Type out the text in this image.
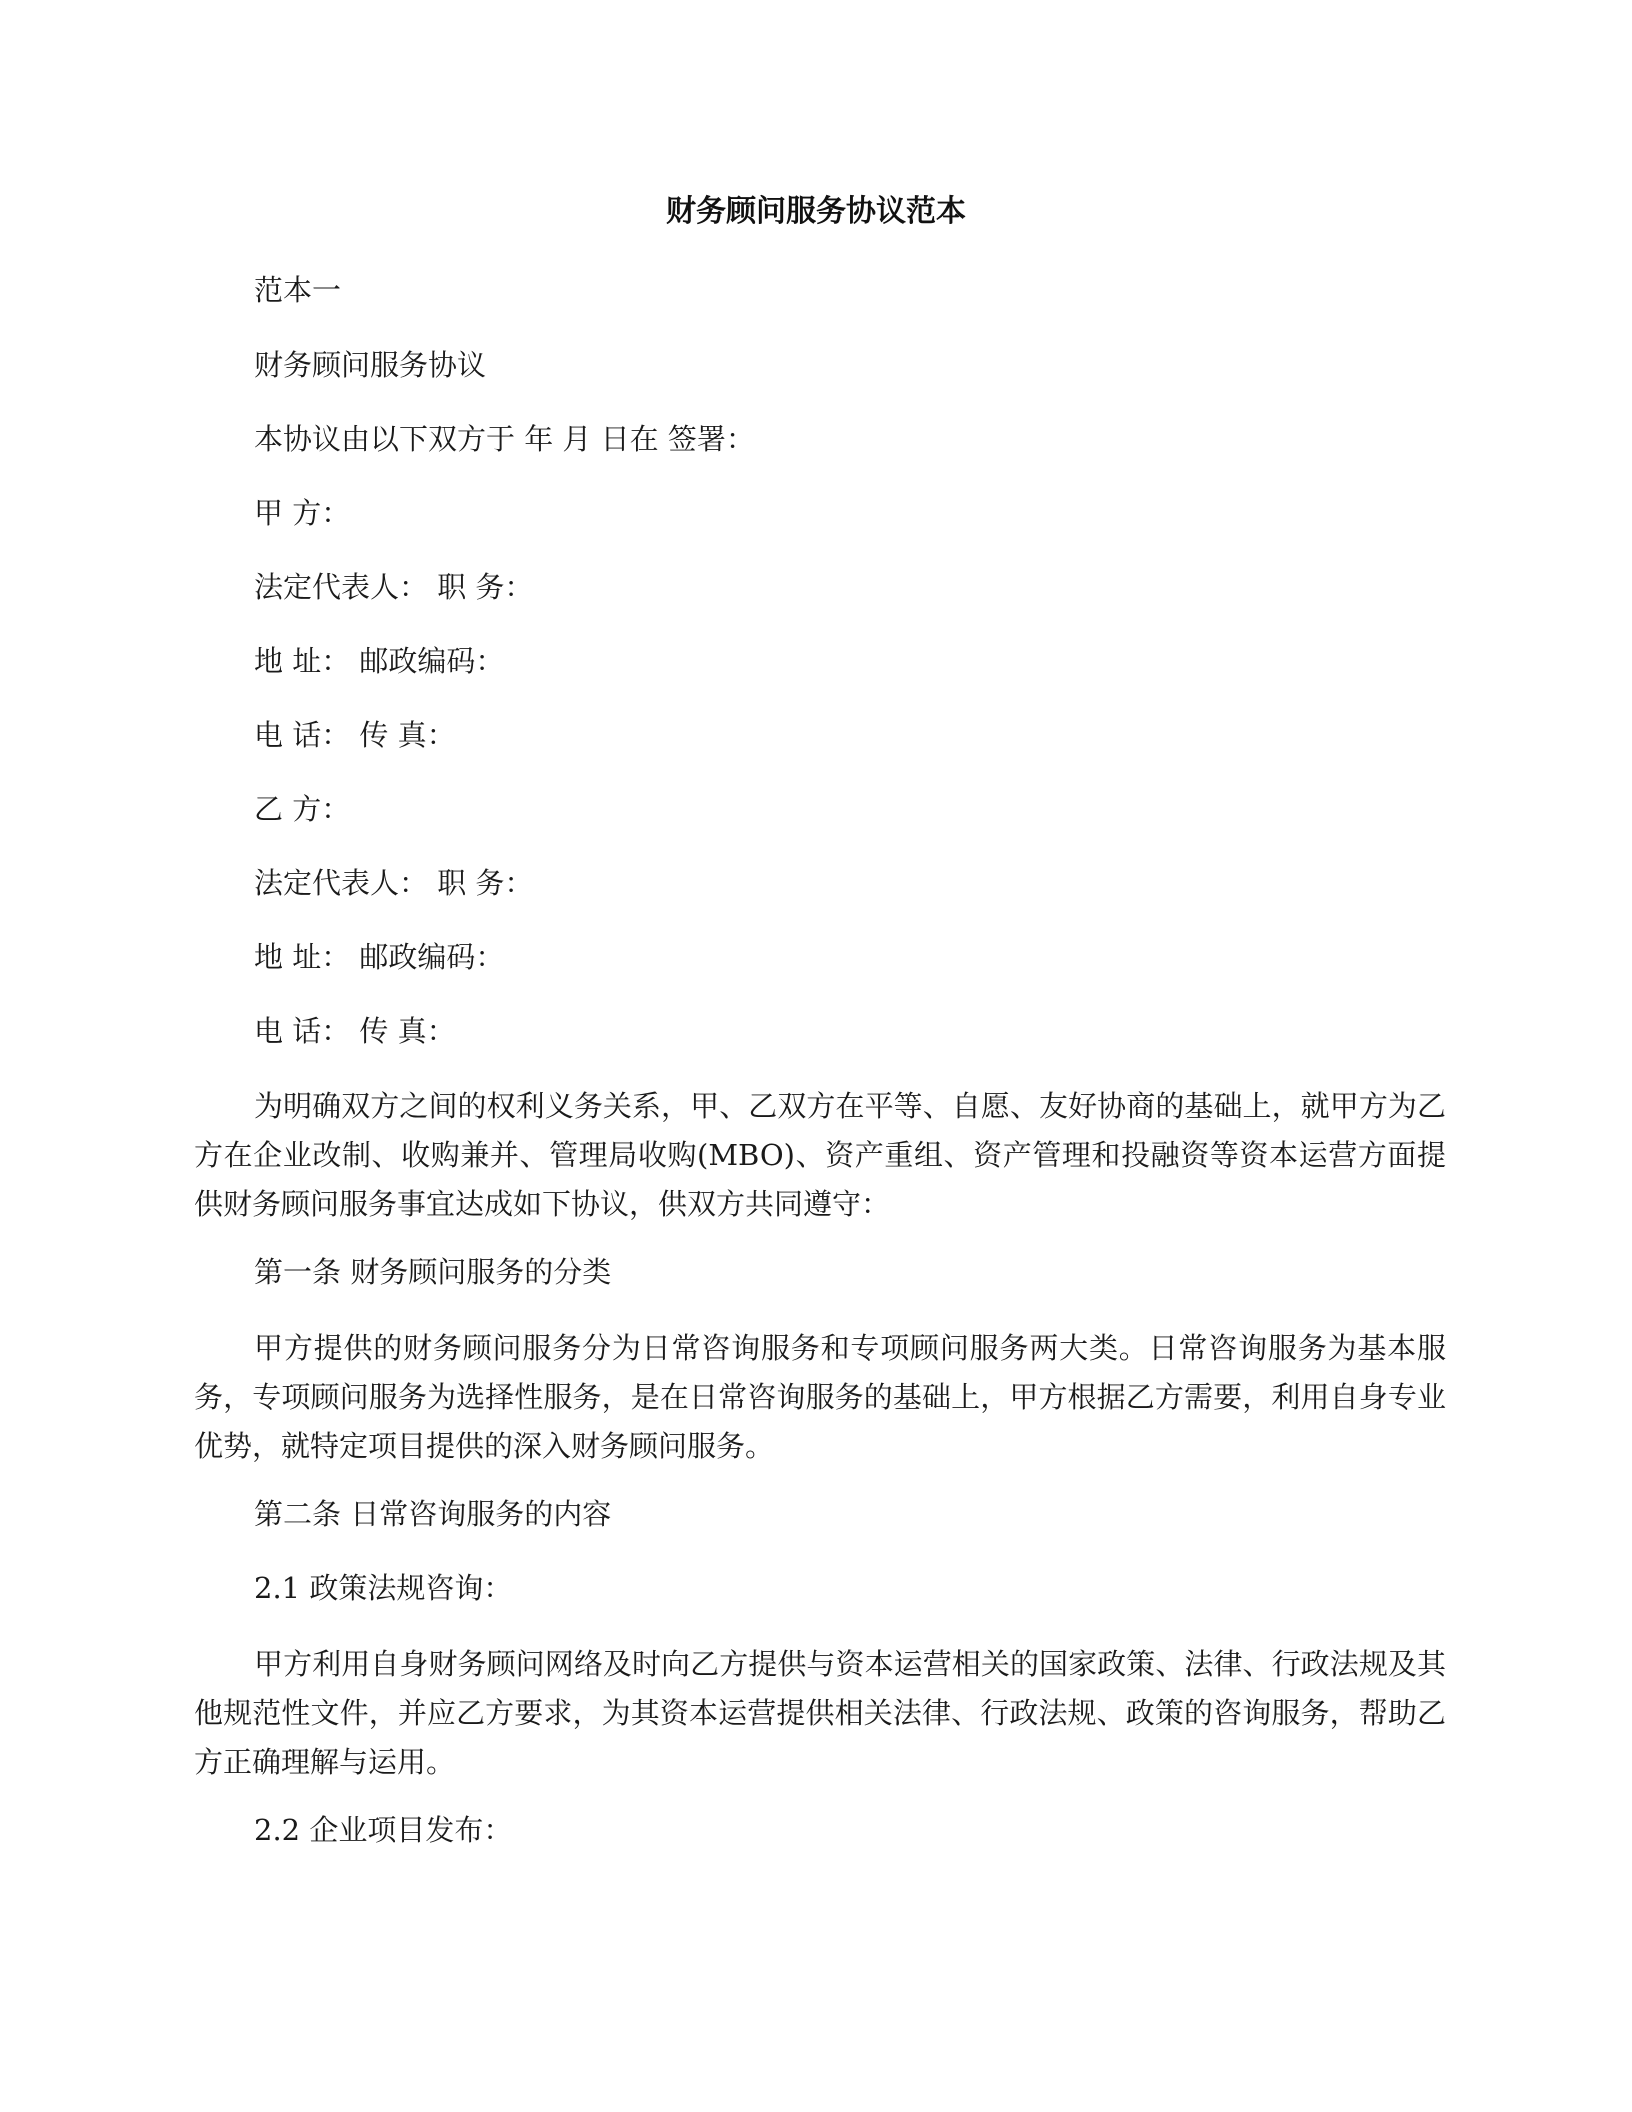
财务顾问服务协议范本

范本一

财务顾问服务协议

本协议由以下双方于 年 月 日在 签署：

甲 方：

法定代表人： 职 务：

地 址： 邮政编码：

电 话： 传 真：

乙 方：

法定代表人： 职 务：

地 址： 邮政编码：

电 话： 传 真：

为明确双方之间的权利义务关系，甲、乙双方在平等、自愿、友好协商的基础上，就甲方为乙方在企业改制、收购兼并、管理局收购(MBO)、资产重组、资产管理和投融资等资本运营方面提供财务顾问服务事宜达成如下协议，供双方共同遵守：

第一条 财务顾问服务的分类

甲方提供的财务顾问服务分为日常咨询服务和专项顾问服务两大类。日常咨询服务为基本服务，专项顾问服务为选择性服务，是在日常咨询服务的基础上，甲方根据乙方需要，利用自身专业优势，就特定项目提供的深入财务顾问服务。

第二条 日常咨询服务的内容

2.1 政策法规咨询：

甲方利用自身财务顾问网络及时向乙方提供与资本运营相关的国家政策、法律、行政法规及其他规范性文件，并应乙方要求，为其资本运营提供相关法律、行政法规、政策的咨询服务，帮助乙方正确理解与运用。

2.2 企业项目发布：
